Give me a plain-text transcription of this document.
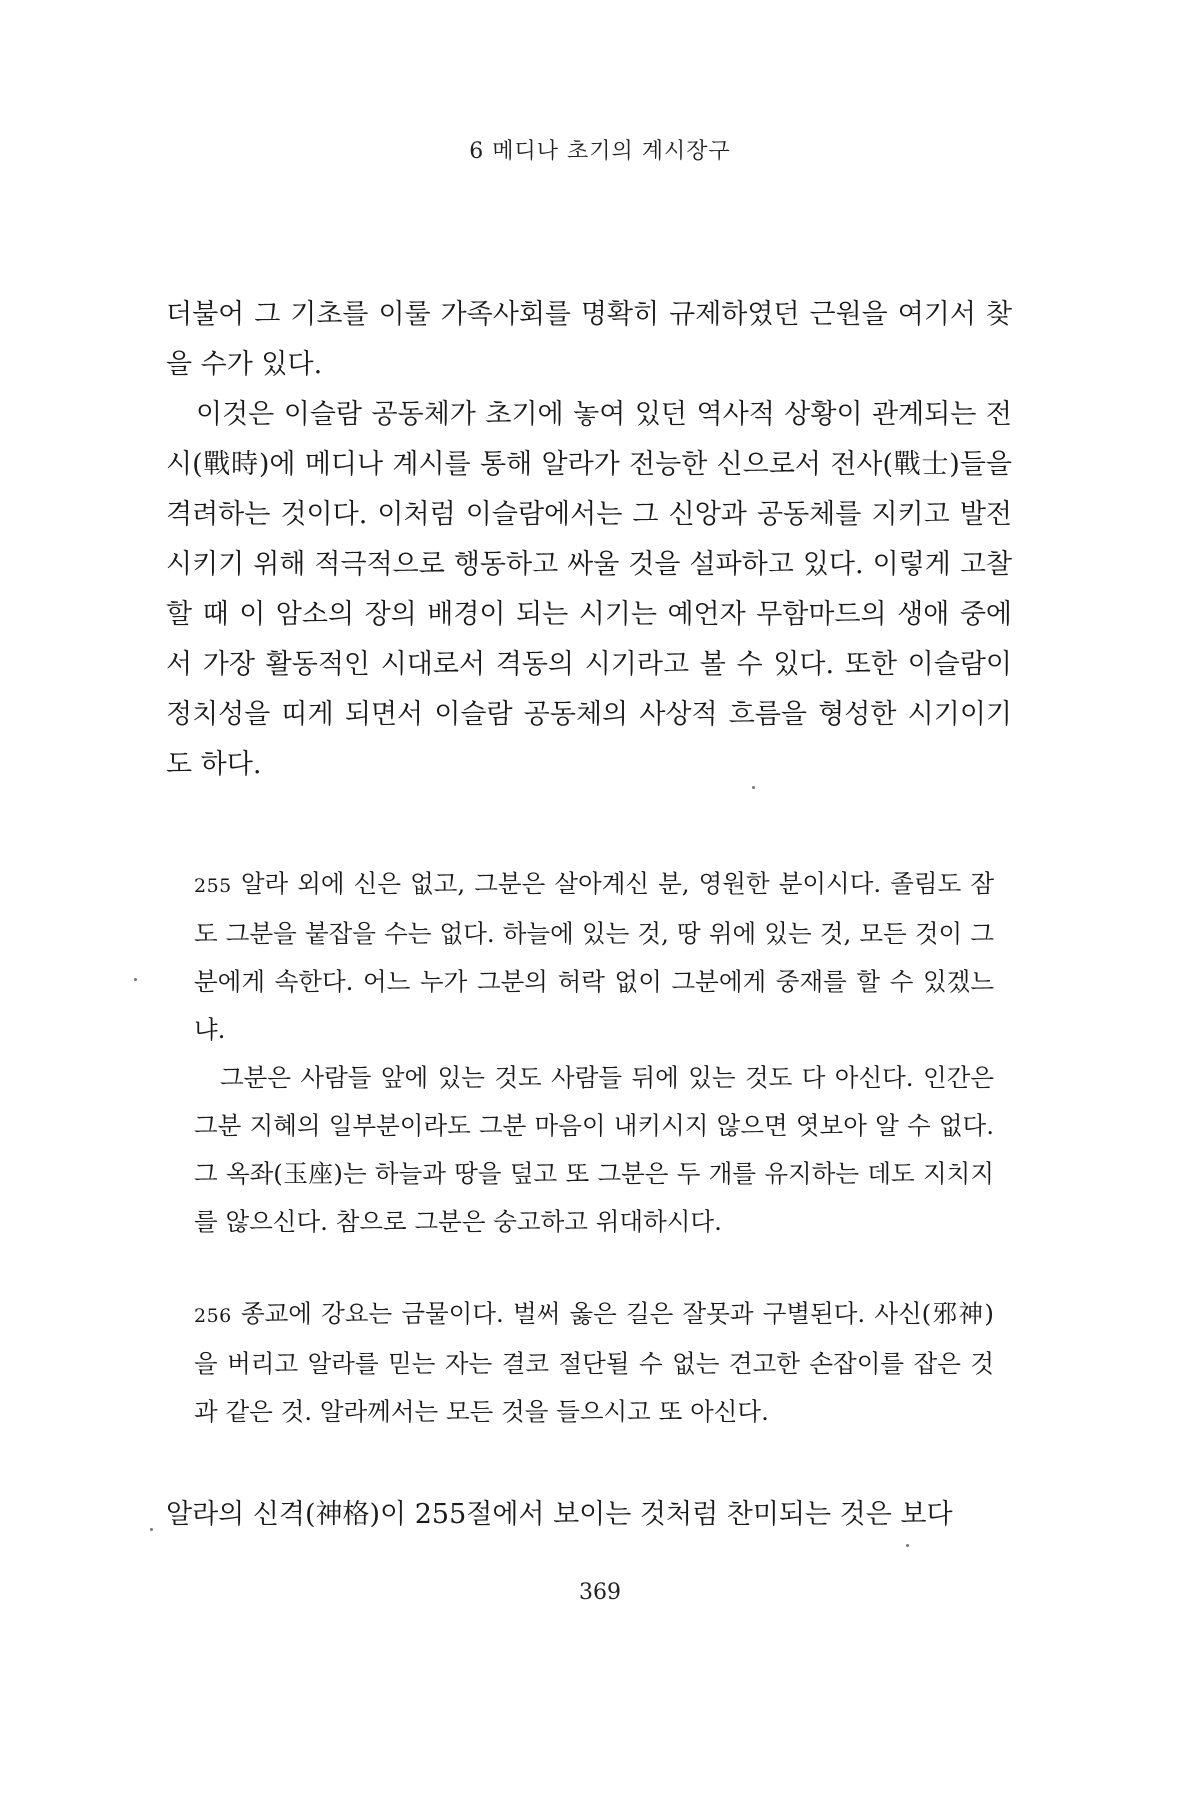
6 메디나 초기의 계시장구

더불어 그 기초를 이룰 가족사회를 명확히 규제하였던 근원을 여기서 찾을 수가 있다.

이것은 이슬람 공동체가 초기에 놓여 있던 역사적 상황이 관계되는 전시(戰時)에 메디나 계시를 통해 알라가 전능한 신으로서 전사(戰士)들을 격려하는 것이다. 이처럼 이슬람에서는 그 신앙과 공동체를 지키고 발전시키기 위해 적극적으로 행동하고 싸울 것을 설파하고 있다. 이렇게 고찰할 때 이 암소의 장의 배경이 되는 시기는 예언자 무함마드의 생애 중에서 가장 활동적인 시대로서 격동의 시기라고 볼 수 있다. 또한 이슬람이 정치성을 띠게 되면서 이슬람 공동체의 사상적 흐름을 형성한 시기이기도 하다.

255 알라 외에 신은 없고, 그분은 살아계신 분, 영원한 분이시다. 졸림도 잠도 그분을 붙잡을 수는 없다. 하늘에 있는 것, 땅 위에 있는 것, 모든 것이 그분에게 속한다. 어느 누가 그분의 허락 없이 그분에게 중재를 할 수 있겠느냐.

그분은 사람들 앞에 있는 것도 사람들 뒤에 있는 것도 다 아신다. 인간은 그분 지혜의 일부분이라도 그분 마음이 내키시지 않으면 엿보아 알 수 없다. 그 옥좌(玉座)는 하늘과 땅을 덮고 또 그분은 두 개를 유지하는 데도 지치지를 않으신다. 참으로 그분은 숭고하고 위대하시다.

256 종교에 강요는 금물이다. 벌써 옳은 길은 잘못과 구별된다. 사신(邪神)을 버리고 알라를 믿는 자는 결코 절단될 수 없는 견고한 손잡이를 잡은 것과 같은 것. 알라께서는 모든 것을 들으시고 또 아신다.

알라의 신격(神格)이 255절에서 보이는 것처럼 찬미되는 것은 보다

369
